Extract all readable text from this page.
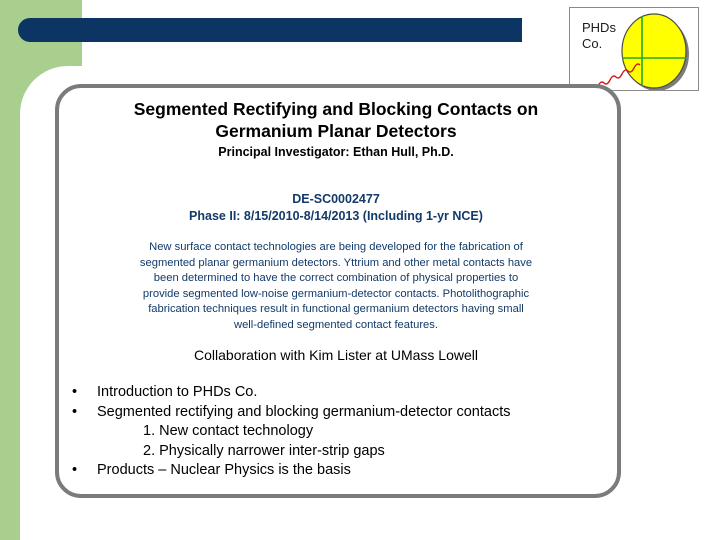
PHDs
Co.
Segmented Rectifying and Blocking Contacts on
Germanium Planar Detectors
Principal Investigator: Ethan Hull, Ph.D.
DE-SC0002477
Phase II: 8/15/2010-8/14/2013 (Including 1-yr NCE)
New surface contact technologies are being developed for the fabrication of
segmented planar germanium detectors. Yttrium and other metal contacts have
been determined to have the correct combination of physical properties to
provide segmented low-noise germanium-detector contacts. Photolithographic
fabrication techniques result in functional germanium detectors having small
well-defined segmented contact features.
Collaboration with Kim Lister at UMass Lowell
• Introduction to PHDs Co.
• Segmented rectifying and blocking germanium-detector contacts
1. New contact technology
2. Physically narrower inter-strip gaps
• Products – Nuclear Physics is the basis
